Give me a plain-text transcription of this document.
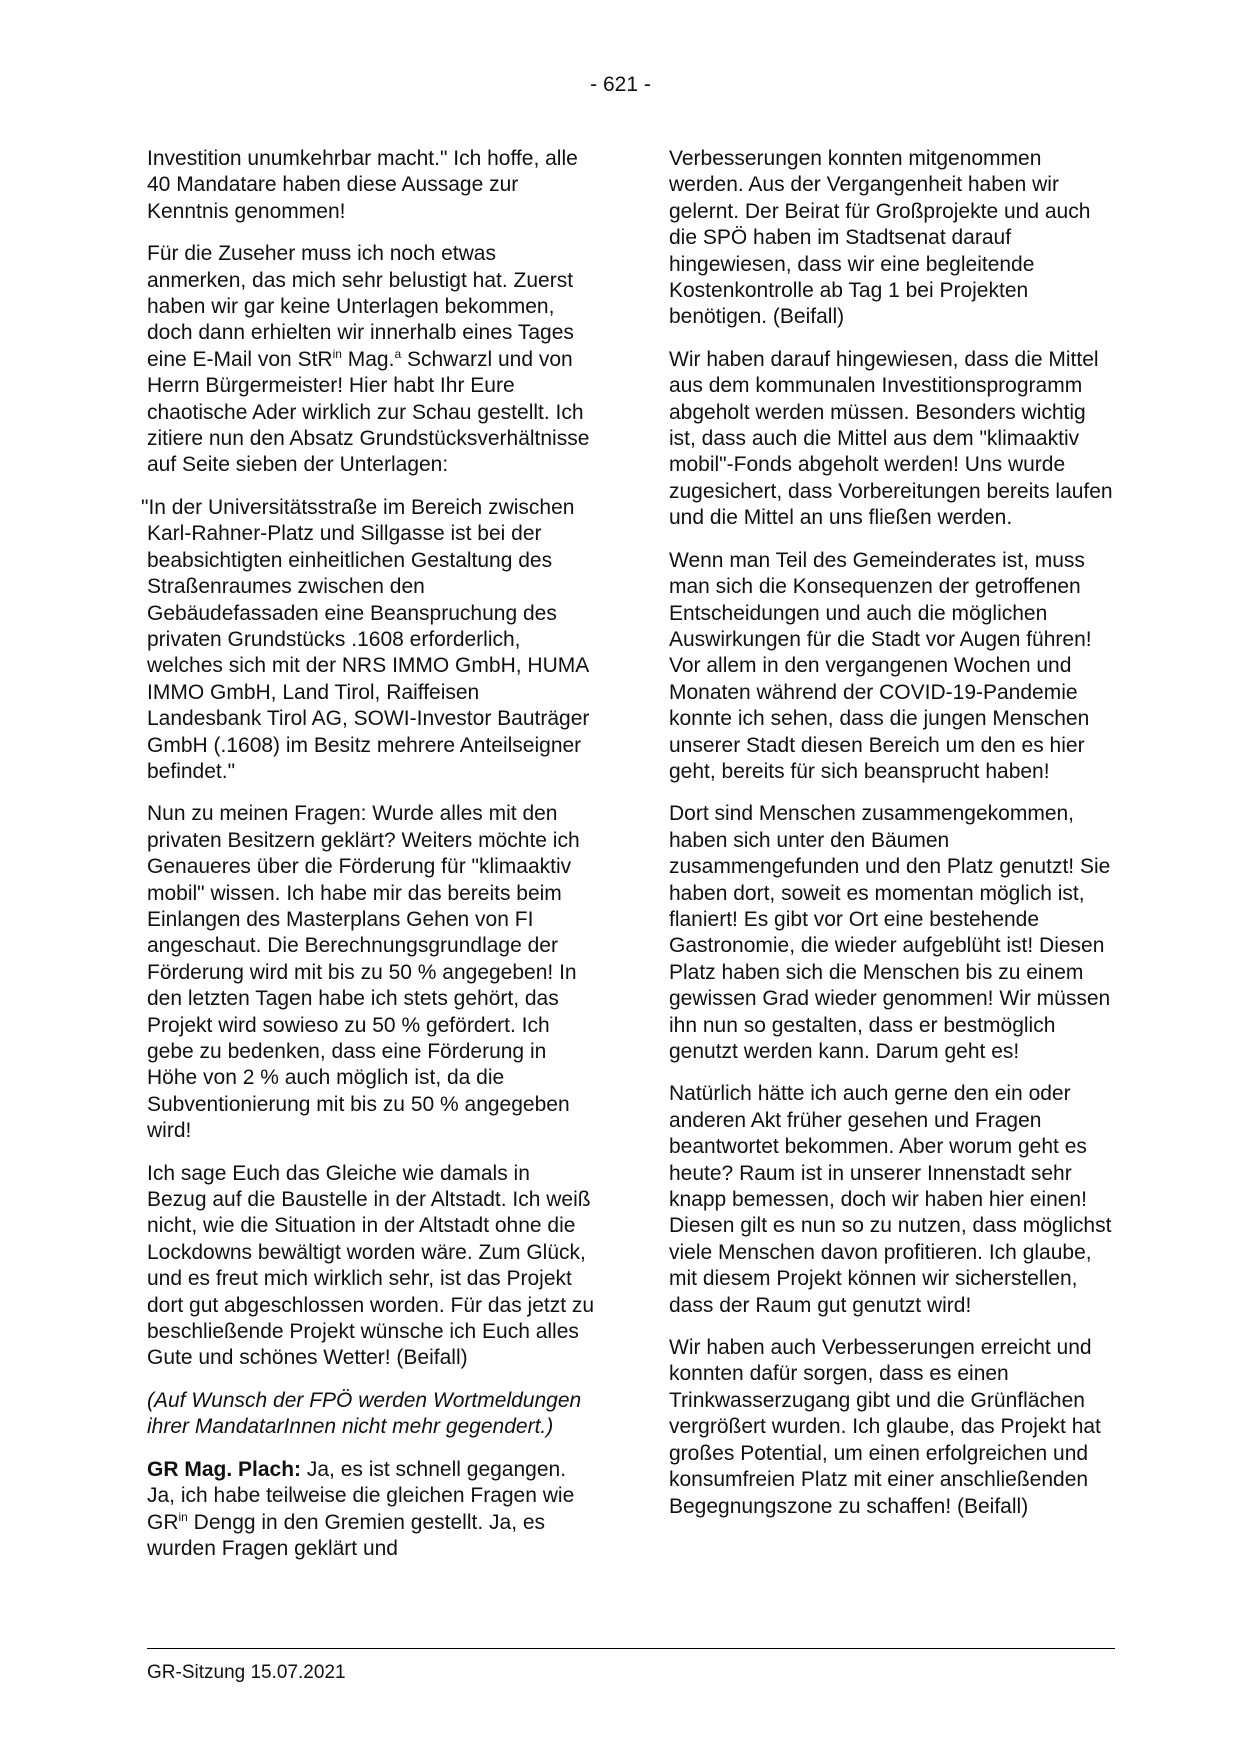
- 621 -

Investition unumkehrbar macht." Ich hoffe, alle 40 Mandatare haben diese Aussage zur Kenntnis genommen!

Für die Zuseher muss ich noch etwas anmerken, das mich sehr belustigt hat. Zuerst haben wir gar keine Unterlagen bekommen, doch dann erhielten wir innerhalb eines Tages eine E-Mail von StR$^{in}$ Mag.$^a$ Schwarzl und von Herrn Bürgermeister! Hier habt Ihr Eure chaotische Ader wirklich zur Schau gestellt. Ich zitiere nun den Absatz Grundstücksverhältnisse auf Seite sieben der Unterlagen:

"In der Universitätsstraße im Bereich zwischen Karl-Rahner-Platz und Sillgasse ist bei der beabsichtigten einheitlichen Gestaltung des Straßenraumes zwischen den Gebäudefassaden eine Beanspruchung des privaten Grundstücks .1608 erforderlich, welches sich mit der NRS IMMO GmbH, HUMA IMMO GmbH, Land Tirol, Raiffeisen Landesbank Tirol AG, SOWI-Investor Bauträger GmbH (.1608) im Besitz mehrere Anteilseigner befindet."

Nun zu meinen Fragen: Wurde alles mit den privaten Besitzern geklärt? Weiters möchte ich Genaueres über die Förderung für "klimaaktiv mobil" wissen. Ich habe mir das bereits beim Einlangen des Masterplans Gehen von FI angeschaut. Die Berechnungsgrundlage der Förderung wird mit bis zu 50 % angegeben! In den letzten Tagen habe ich stets gehört, das Projekt wird sowieso zu 50 % gefördert. Ich gebe zu bedenken, dass eine Förderung in Höhe von 2 % auch möglich ist, da die Subventionierung mit bis zu 50 % angegeben wird!

Ich sage Euch das Gleiche wie damals in Bezug auf die Baustelle in der Altstadt. Ich weiß nicht, wie die Situation in der Altstadt ohne die Lockdowns bewältigt worden wäre. Zum Glück, und es freut mich wirklich sehr, ist das Projekt dort gut abgeschlossen worden. Für das jetzt zu beschließende Projekt wünsche ich Euch alles Gute und schönes Wetter! (Beifall)

(Auf Wunsch der FPÖ werden Wortmeldungen ihrer MandatarInnen nicht mehr gegendert.)

GR Mag. Plach: Ja, es ist schnell gegangen. Ja, ich habe teilweise die gleichen Fragen wie $GR^{in}$ Dengg in den Gremien gestellt. Ja, es wurden Fragen geklärt und

Verbesserungen konnten mitgenommen werden. Aus der Vergangenheit haben wir gelernt. Der Beirat für Großprojekte und auch die SPÖ haben im Stadtsenat darauf hingewiesen, dass wir eine begleitende Kostenkontrolle ab Tag 1 bei Projekten benötigen. (Beifall)

Wir haben darauf hingewiesen, dass die Mittel aus dem kommunalen Investitionsprogramm abgeholt werden müssen. Besonders wichtig ist, dass auch die Mittel aus dem "klimaaktiv mobil"-Fonds abgeholt werden! Uns wurde zugesichert, dass Vorbereitungen bereits laufen und die Mittel an uns fließen werden.

Wenn man Teil des Gemeinderates ist, muss man sich die Konsequenzen der getroffenen Entscheidungen und auch die möglichen Auswirkungen für die Stadt vor Augen führen! Vor allem in den vergangenen Wochen und Monaten während der COVID-19-Pandemie konnte ich sehen, dass die jungen Menschen unserer Stadt diesen Bereich um den es hier geht, bereits für sich beansprucht haben!

Dort sind Menschen zusammengekommen, haben sich unter den Bäumen zusammengefunden und den Platz genutzt! Sie haben dort, soweit es momentan möglich ist, flaniert! Es gibt vor Ort eine bestehende Gastronomie, die wieder aufgeblüht ist! Diesen Platz haben sich die Menschen bis zu einem gewissen Grad wieder genommen! Wir müssen ihn nun so gestalten, dass er bestmöglich genutzt werden kann. Darum geht es!

Natürlich hätte ich auch gerne den ein oder anderen Akt früher gesehen und Fragen beantwortet bekommen. Aber worum geht es heute? Raum ist in unserer Innenstadt sehr knapp bemessen, doch wir haben hier einen! Diesen gilt es nun so zu nutzen, dass möglichst viele Menschen davon profitieren. Ich glaube, mit diesem Projekt können wir sicherstellen, dass der Raum gut genutzt wird!

Wir haben auch Verbesserungen erreicht und konnten dafür sorgen, dass es einen Trinkwasserzugang gibt und die Grünflächen vergrößert wurden. Ich glaube, das Projekt hat großes Potential, um einen erfolgreichen und konsumfreien Platz mit einer anschließenden Begegnungszone zu schaffen! (Beifall)

GR-Sitzung 15.07.2021
